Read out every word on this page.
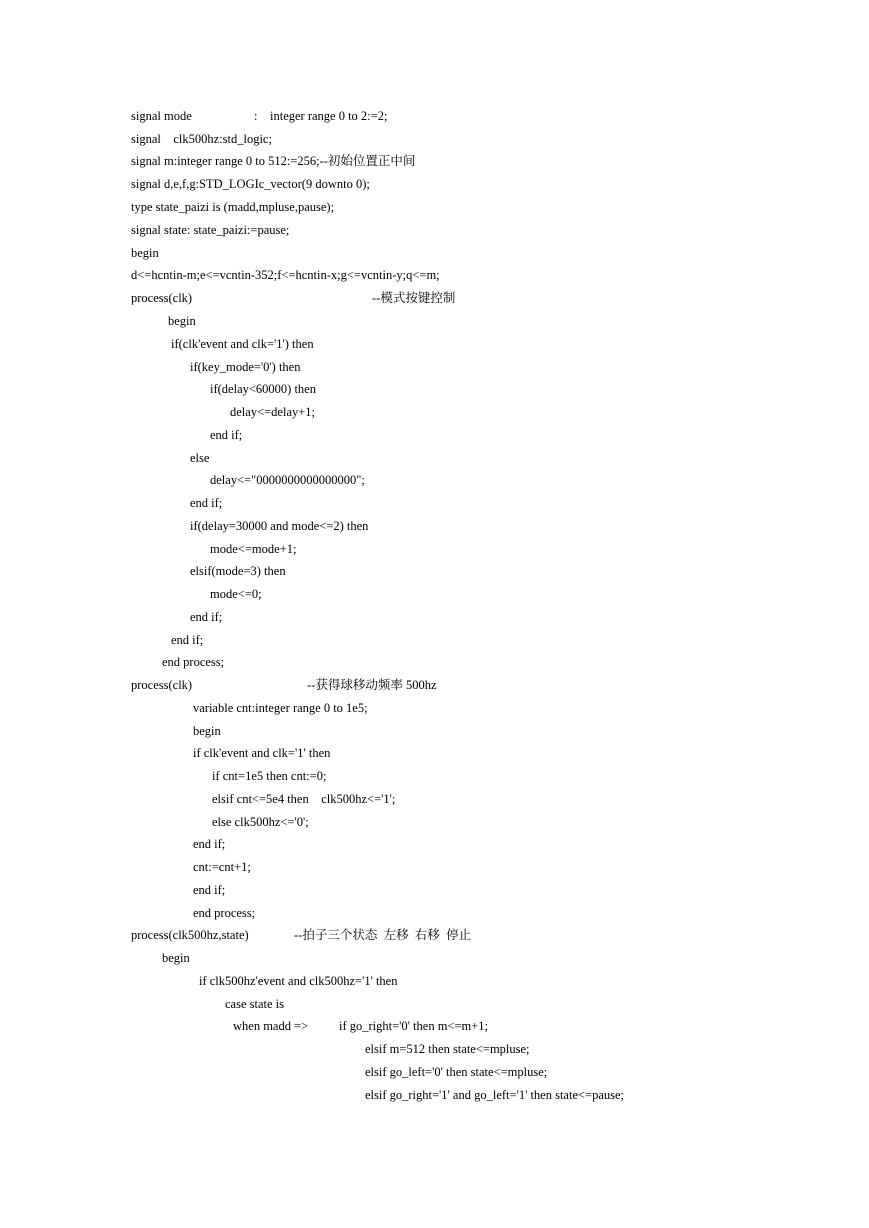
signal mode	: integer range 0 to 2:=2;
signal    clk500hz:std_logic;
signal m:integer range 0 to 512:=256;--初始位置正中间
signal d,e,f,g:STD_LOGIc_vector(9 downto 0);
type state_paizi is (madd,mpluse,pause);
signal state: state_paizi:=pause;
begin
d<=hcntin-m;e<=vcntin-352;f<=hcntin-x;g<=vcntin-y;q<=m;
process(clk)	--模式按键控制
begin
if(clk'event and clk='1') then
if(key_mode='0') then
if(delay<60000) then
delay<=delay+1;
end if;
else
delay<="0000000000000000";
end if;
if(delay=30000 and mode<=2) then
mode<=mode+1;
elsif(mode=3) then
mode<=0;
end if;
end if;
end process;
process(clk)	--获得球移动频率 500hz
variable cnt:integer range 0 to 1e5;
begin
if clk'event and clk='1' then
if cnt=1e5 then cnt:=0;
elsif cnt<=5e4 then    clk500hz<='1';
else clk500hz<='0';
end if;
cnt:=cnt+1;
end if;
end process;
process(clk500hz,state)	--拍子三个状态  左移  右移  停止
begin
if clk500hz'event and clk500hz='1' then
case state is
when madd => if go_right='0' then m<=m+1;
elsif m=512 then state<=mpluse;
elsif go_left='0' then state<=mpluse;
elsif go_right='1' and go_left='1' then state<=pause;
